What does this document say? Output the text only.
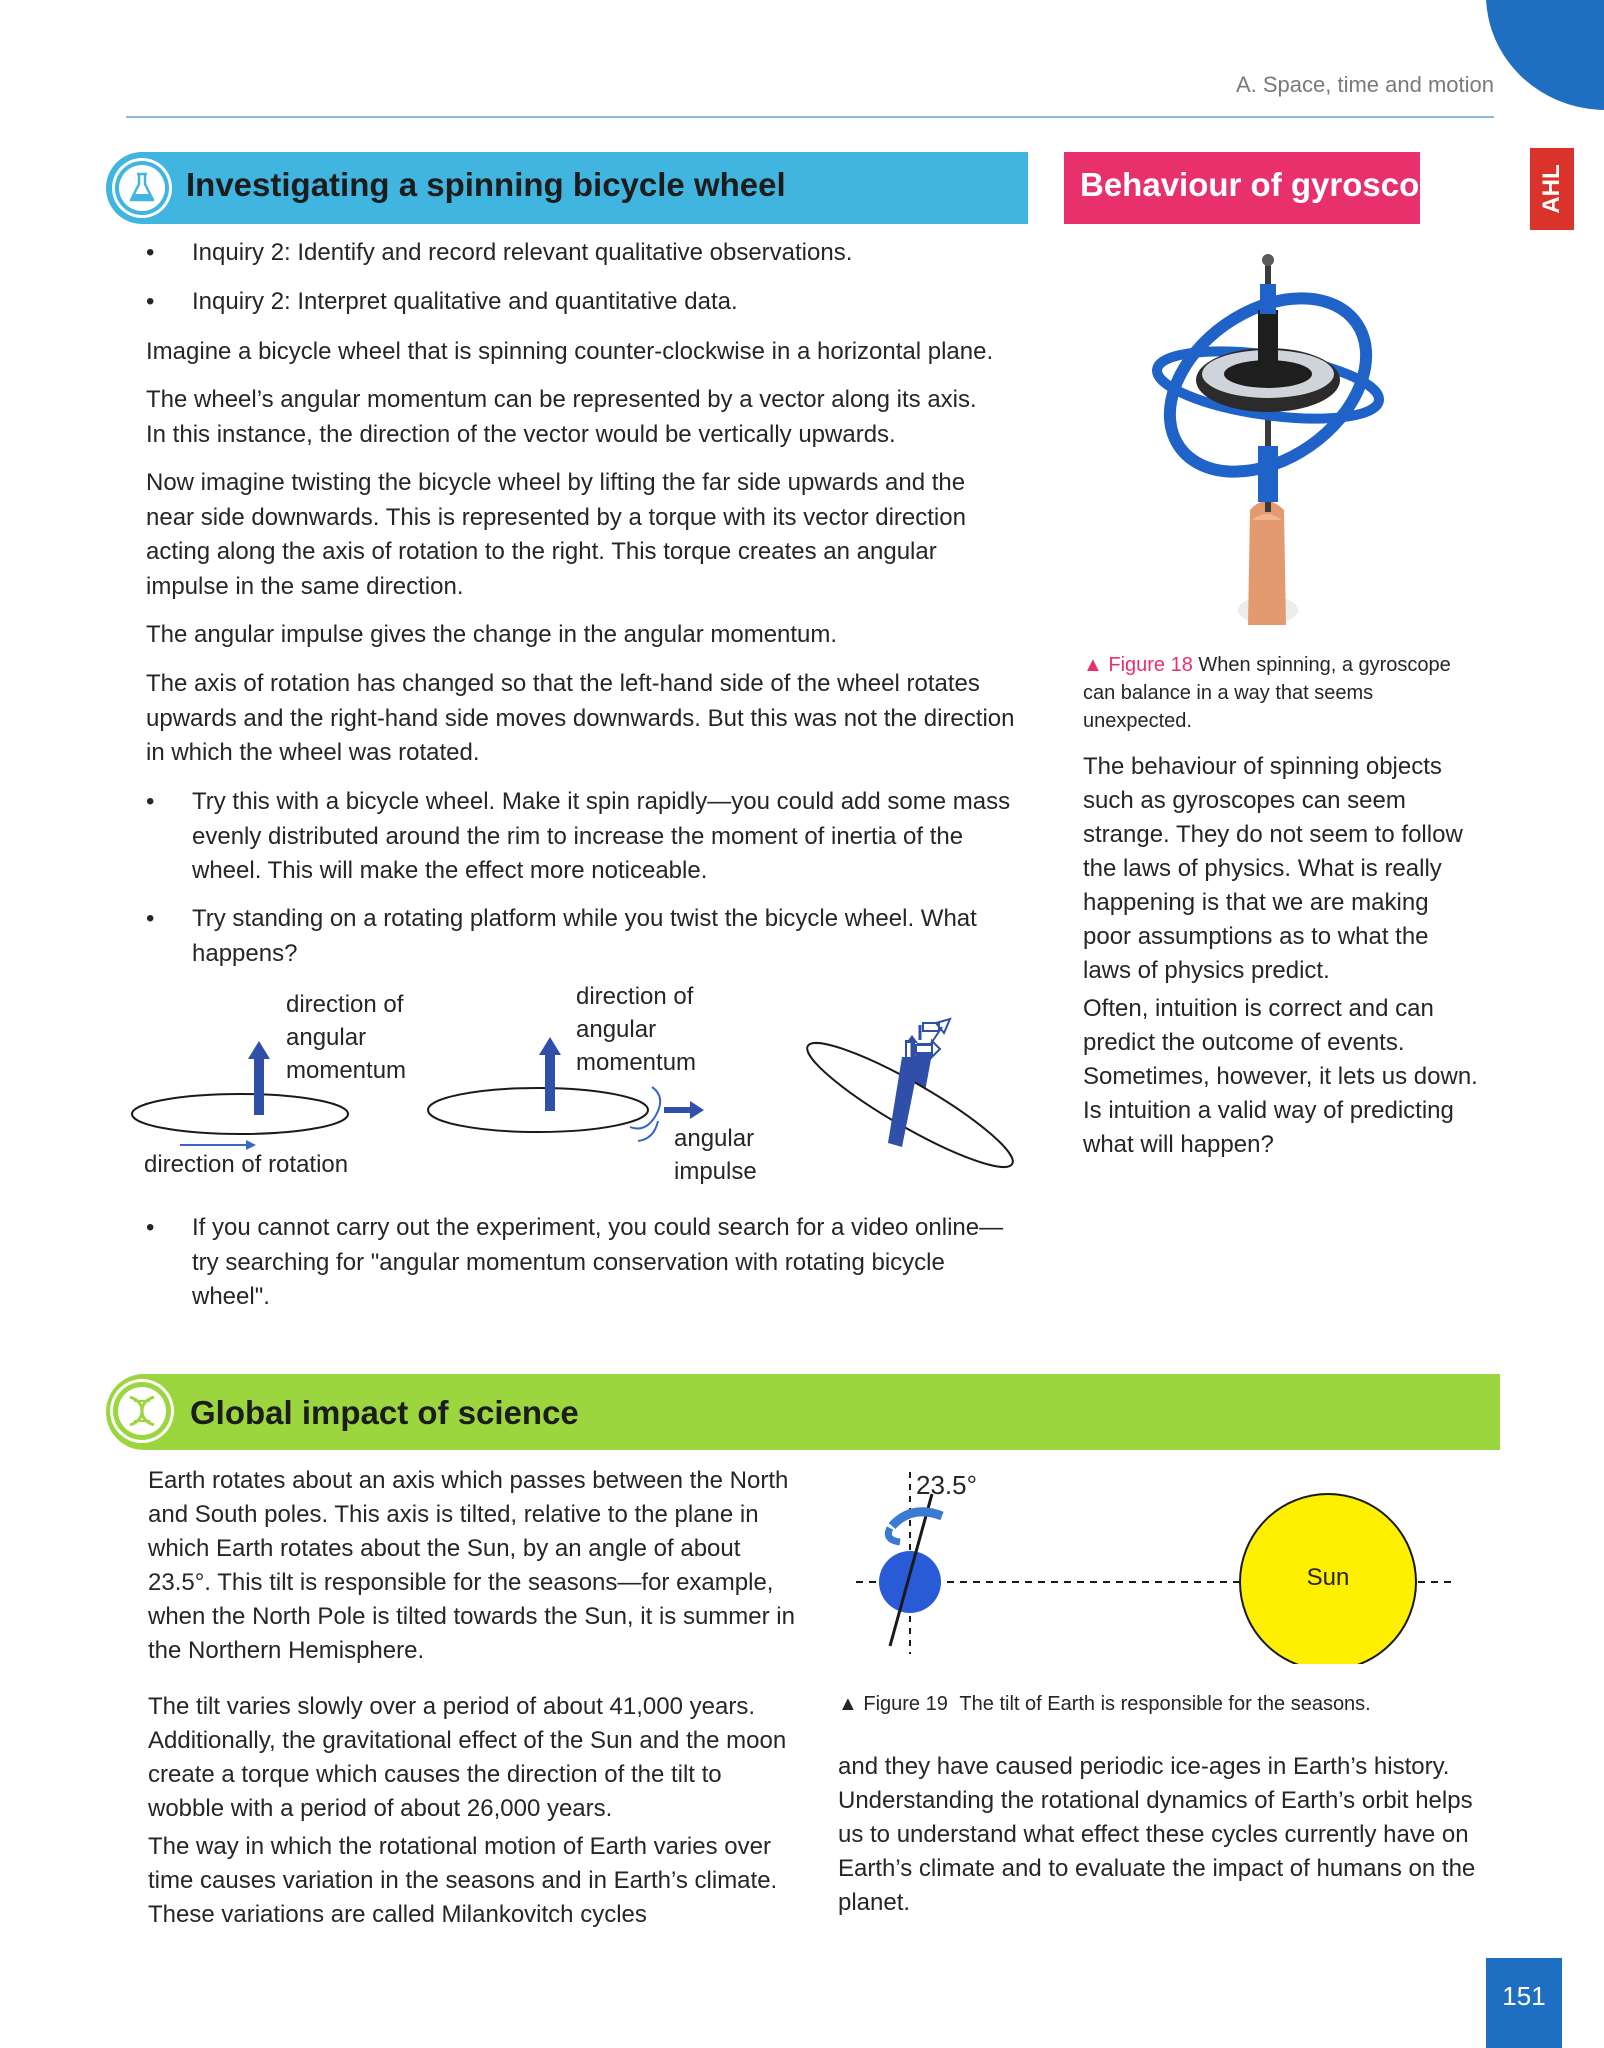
A. Space, time and motion
AHL
Investigating a spinning bicycle wheel	Behaviour of gyroscopes
• Inquiry 2: Identify and record relevant qualitative observations.
• Inquiry 2: Interpret qualitative and quantitative data.

Imagine a bicycle wheel that is spinning counter-clockwise in a horizontal plane.

The wheel’s angular momentum can be represented by a vector along its axis. In this instance, the direction of the vector would be vertically upwards.

Now imagine twisting the bicycle wheel by lifting the far side upwards and the near side downwards. This is represented by a torque with its vector direction acting along the axis of rotation to the right. This torque creates an angular impulse in the same direction.

The angular impulse gives the change in the angular momentum.

The axis of rotation has changed so that the left-hand side of the wheel rotates upwards and the right-hand side moves downwards. But this was not the direction in which the wheel was rotated.

• Try this with a bicycle wheel. Make it spin rapidly—you could add some mass evenly distributed around the rim to increase the moment of inertia of the wheel. This will make the effect more noticeable.
• Try standing on a rotating platform while you twist the bicycle wheel. What happens?
direction of
angular
momentum
direction of rotation
direction of
angular
momentum
angular
impulse
• If you cannot carry out the experiment, you could search for a video online—try searching for "angular momentum conservation with rotating bicycle wheel".
▲ Figure 18 When spinning, a gyroscope can balance in a way that seems unexpected.

The behaviour of spinning objects such as gyroscopes can seem strange. They do not seem to follow the laws of physics. What is really happening is that we are making poor assumptions as to what the laws of physics predict.

Often, intuition is correct and can predict the outcome of events. Sometimes, however, it lets us down. Is intuition a valid way of predicting what will happen?

Global impact of science

Earth rotates about an axis which passes between the North and South poles. This axis is tilted, relative to the plane in which Earth rotates about the Sun, by an angle of about 23.5°. This tilt is responsible for the seasons—for example, when the North Pole is tilted towards the Sun, it is summer in the Northern Hemisphere.

The tilt varies slowly over a period of about 41,000 years. Additionally, the gravitational effect of the Sun and the moon create a torque which causes the direction of the tilt to wobble with a period of about 26,000 years.

The way in which the rotational motion of Earth varies over time causes variation in the seasons and in Earth’s climate. These variations are called Milankovitch cycles

23.5°
Sun
▲ Figure 19 The tilt of Earth is responsible for the seasons.

and they have caused periodic ice-ages in Earth’s history. Understanding the rotational dynamics of Earth’s orbit helps us to understand what effect these cycles currently have on Earth’s climate and to evaluate the impact of humans on the planet.

151
